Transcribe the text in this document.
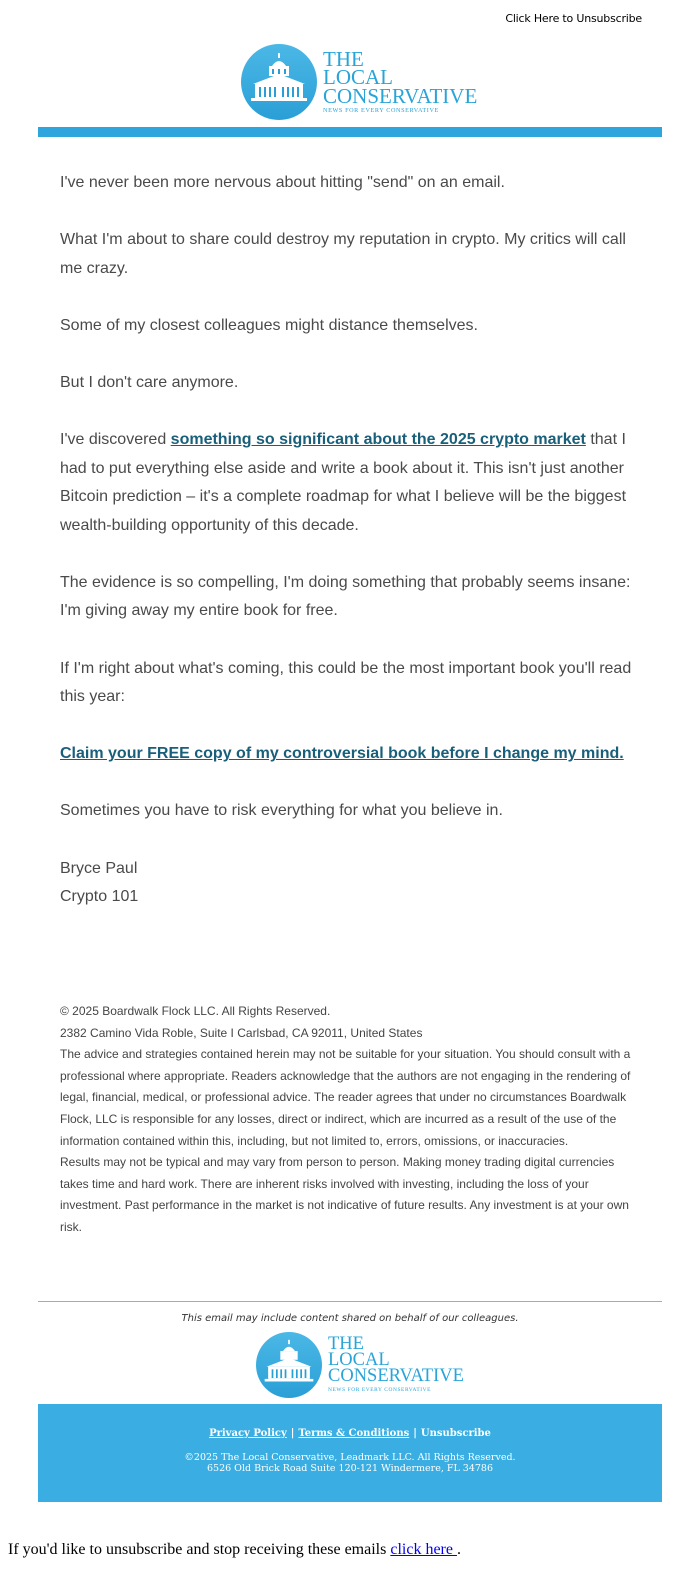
Click Here to Unsubscribe
THE
LOCAL
CONSERVATIVE
NEWS FOR EVERY CONSERVATIVE

I've never been more nervous about hitting "send" on an email.

What I'm about to share could destroy my reputation in crypto. My critics will call me crazy.

Some of my closest colleagues might distance themselves.

But I don't care anymore.

I've discovered something so significant about the 2025 crypto market that I had to put everything else aside and write a book about it. This isn't just another Bitcoin prediction – it's a complete roadmap for what I believe will be the biggest wealth-building opportunity of this decade.

The evidence is so compelling, I'm doing something that probably seems insane: I'm giving away my entire book for free.

If I'm right about what's coming, this could be the most important book you'll read this year:

Claim your FREE copy of my controversial book before I change my mind.

Sometimes you have to risk everything for what you believe in.

Bryce Paul
Crypto 101
© 2025 Boardwalk Flock LLC. All Rights Reserved.
2382 Camino Vida Roble, Suite I Carlsbad, CA 92011, United States
The advice and strategies contained herein may not be suitable for your situation. You should consult with a professional where appropriate. Readers acknowledge that the authors are not engaging in the rendering of legal, financial, medical, or professional advice. The reader agrees that under no circumstances Boardwalk Flock, LLC is responsible for any losses, direct or indirect, which are incurred as a result of the use of the information contained within this, including, but not limited to, errors, omissions, or inaccuracies.
Results may not be typical and may vary from person to person. Making money trading digital currencies takes time and hard work. There are inherent risks involved with investing, including the loss of your investment. Past performance in the market is not indicative of future results. Any investment is at your own risk.
This email may include content shared on behalf of our colleagues.
THE
LOCAL
CONSERVATIVE
NEWS FOR EVERY CONSERVATIVE
Privacy Policy | Terms & Conditions | Unsubscribe
©2025 The Local Conservative, Leadmark LLC. All Rights Reserved.
6526 Old Brick Road Suite 120-121 Windermere, FL 34786
If you'd like to unsubscribe and stop receiving these emails click here .
